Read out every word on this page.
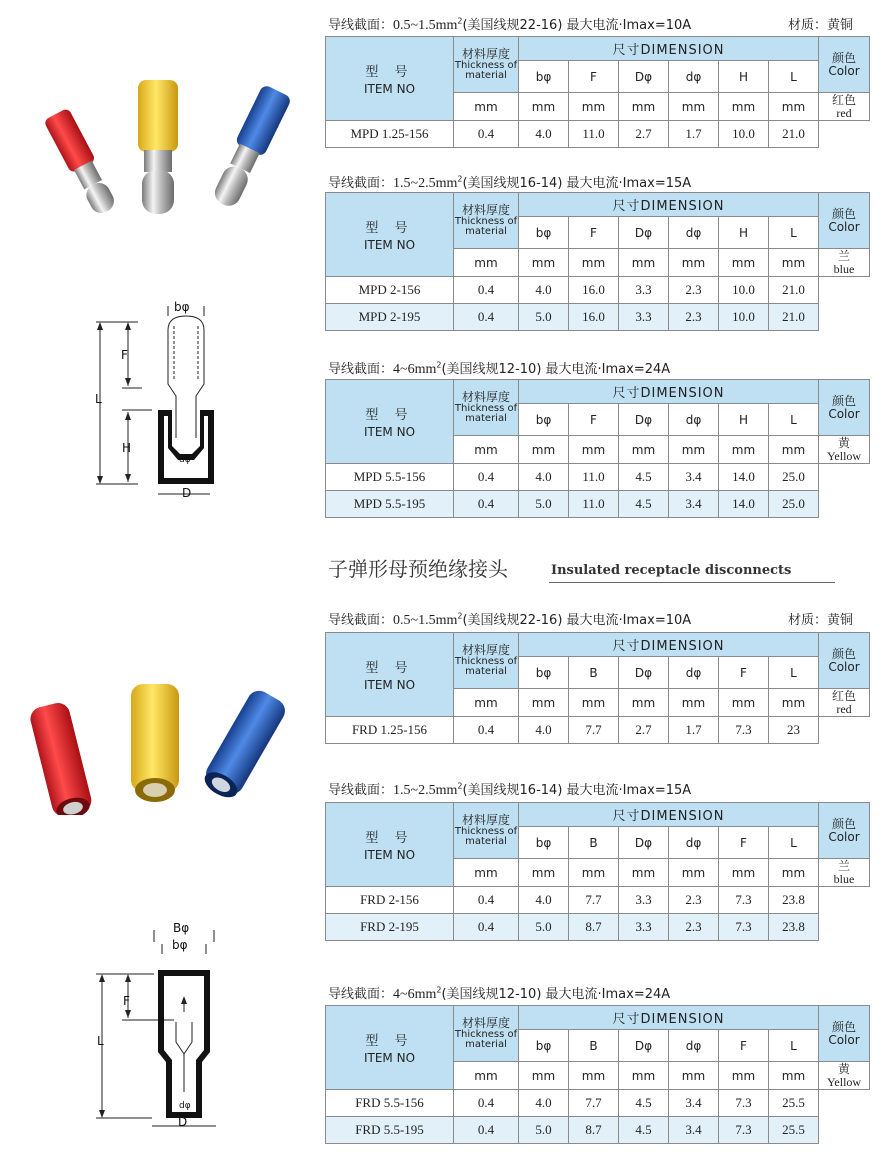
bφ
F
L
H
dφ
D
Bφ
bφ
F
L
dφ
D
子弹形母预绝缘接头	Insulated receptacle disconnects
材质：黄铜
材质：黄铜
导线截面：$0.5\sim 1.5mm^2$(美国线规22-16) 最大电流·Imax=10A
型 号
ITEM NO	材料厚度
Thickness of material	尺寸DIMENSION						颜色
Color

		bφ	F	Dφ	dφ	H	L	
	mm	mm	mm	mm	mm	mm	mm	红色
red

MPD 1.25-156	0.4	4.0	11.0	2.7	1.7	10.0	21.0	
导线截面：$1.5\sim 2.5mm^2$(美国线规16-14) 最大电流·Imax=15A
型 号
ITEM NO	材料厚度
Thickness of material	尺寸DIMENSION						颜色
Color

		bφ	F	Dφ	dφ	H	L	
	mm	mm	mm	mm	mm	mm	mm	兰
blue

MPD 2-156	0.4	4.0	16.0	3.3	2.3	10.0	21.0	
MPD 2-195	0.4	5.0	16.0	3.3	2.3	10.0	21.0	
导线截面：$4\sim 6mm^2$(美国线规12-10) 最大电流·Imax=24A
型 号
ITEM NO	材料厚度
Thickness of material	尺寸DIMENSION						颜色
Color

		bφ	F	Dφ	dφ	H	L	
	mm	mm	mm	mm	mm	mm	mm	黄
Yellow

MPD 5.5-156	0.4	4.0	11.0	4.5	3.4	14.0	25.0	
MPD 5.5-195	0.4	5.0	11.0	4.5	3.4	14.0	25.0	
导线截面：$0.5\sim 1.5mm^2$(美国线规22-16) 最大电流·Imax=10A
型 号
ITEM NO	材料厚度
Thickness of material	尺寸DIMENSION						颜色
Color

		bφ	B	Dφ	dφ	F	L	
	mm	mm	mm	mm	mm	mm	mm	红色
red

FRD 1.25-156	0.4	4.0	7.7	2.7	1.7	7.3	23	
导线截面：$1.5\sim 2.5mm^2$(美国线规16-14) 最大电流·Imax=15A
型 号
ITEM NO	材料厚度
Thickness of material	尺寸DIMENSION						颜色
Color

		bφ	B	Dφ	dφ	F	L	
	mm	mm	mm	mm	mm	mm	mm	兰
blue

FRD 2-156	0.4	4.0	7.7	3.3	2.3	7.3	23.8	
FRD 2-195	0.4	5.0	8.7	3.3	2.3	7.3	23.8	
导线截面：$4\sim 6mm^2$(美国线规12-10) 最大电流·Imax=24A
型 号
ITEM NO	材料厚度
Thickness of material	尺寸DIMENSION						颜色
Color

		bφ	B	Dφ	dφ	F	L	
	mm	mm	mm	mm	mm	mm	mm	黄
Yellow

FRD 5.5-156	0.4	4.0	7.7	4.5	3.4	7.3	25.5	
FRD 5.5-195	0.4	5.0	8.7	4.5	3.4	7.3	25.5	
